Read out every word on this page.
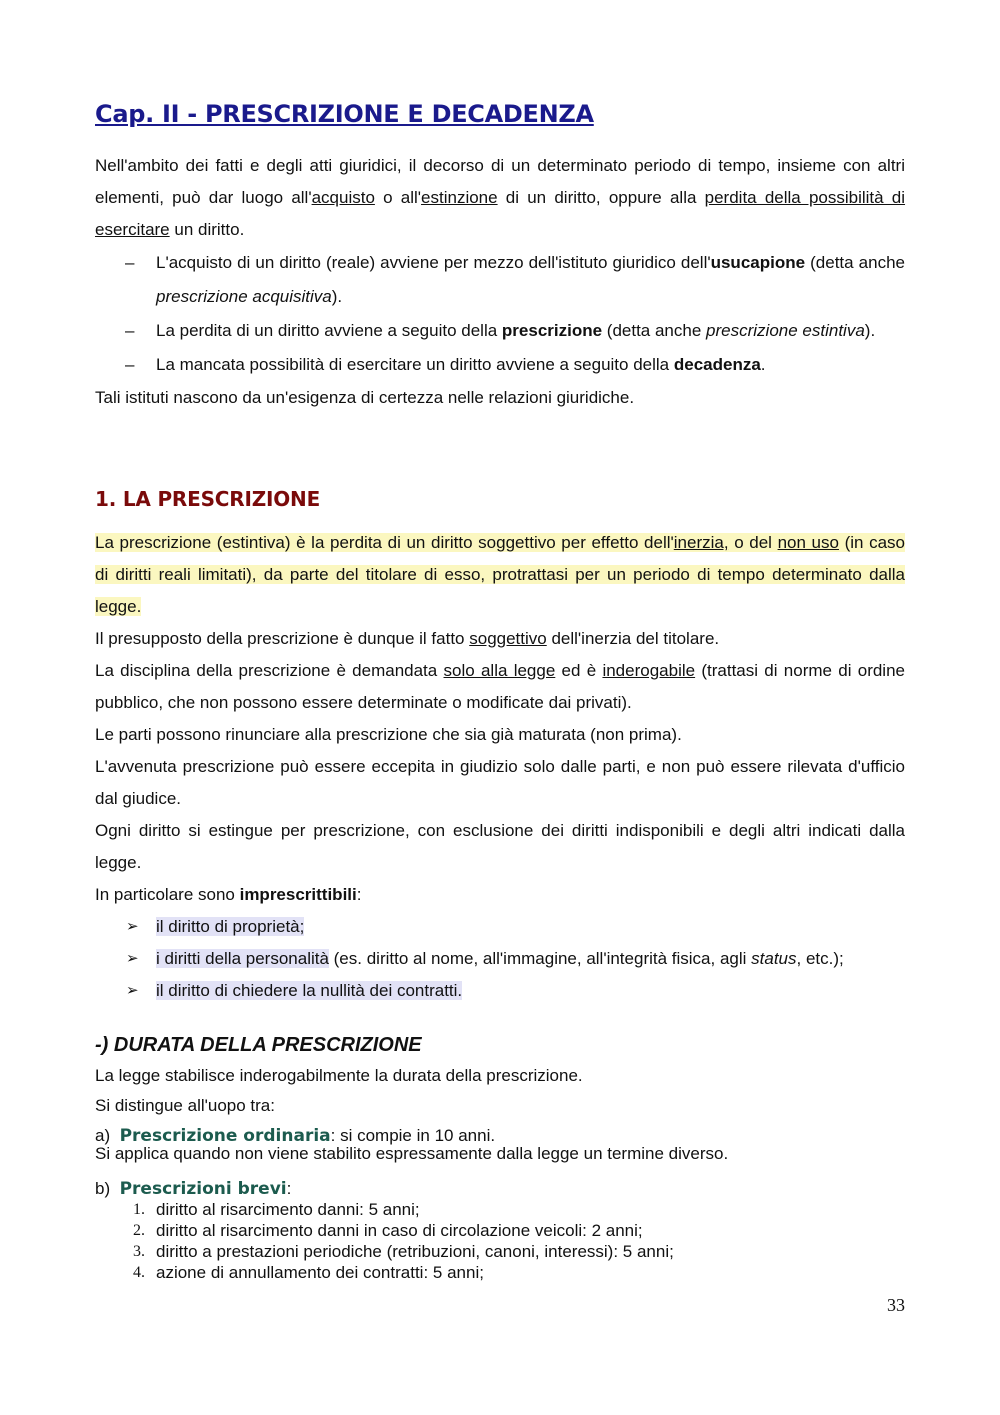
Cap. II - PRESCRIZIONE E DECADENZA

Nell'ambito dei fatti e degli atti giuridici, il decorso di un determinato periodo di tempo, insieme con altri elementi, può dar luogo all'acquisto o all'estinzione di un diritto, oppure alla perdita della possibilità di esercitare un diritto.

– L'acquisto di un diritto (reale) avviene per mezzo dell'istituto giuridico dell'usucapione (detta anche prescrizione acquisitiva).
– La perdita di un diritto avviene a seguito della prescrizione (detta anche prescrizione estintiva).
– La mancata possibilità di esercitare un diritto avviene a seguito della decadenza.

Tali istituti nascono da un'esigenza di certezza nelle relazioni giuridiche.

1. LA PRESCRIZIONE

La prescrizione (estintiva) è la perdita di un diritto soggettivo per effetto dell'inerzia, o del non uso (in caso di diritti reali limitati), da parte del titolare di esso, protrattasi per un periodo di tempo determinato dalla legge.

Il presupposto della prescrizione è dunque il fatto soggettivo dell'inerzia del titolare.

La disciplina della prescrizione è demandata solo alla legge ed è inderogabile (trattasi di norme di ordine pubblico, che non possono essere determinate o modificate dai privati).

Le parti possono rinunciare alla prescrizione che sia già maturata (non prima).

L'avvenuta prescrizione può essere eccepita in giudizio solo dalle parti, e non può essere rilevata d'ufficio dal giudice.

Ogni diritto si estingue per prescrizione, con esclusione dei diritti indisponibili e degli altri indicati dalla legge.

In particolare sono imprescrittibili:

➢ il diritto di proprietà;
➢ i diritti della personalità (es. diritto al nome, all'immagine, all'integrità fisica, agli status, etc.);
➢ il diritto di chiedere la nullità dei contratti.
-) DURATA DELLA PRESCRIZIONE

La legge stabilisce inderogabilmente la durata della prescrizione.

Si distingue all'uopo tra:

a) Prescrizione ordinaria: si compie in 10 anni.
Si applica quando non viene stabilito espressamente dalla legge un termine diverso.
b) Prescrizioni brevi:
1. diritto al risarcimento danni: 5 anni;
2. diritto al risarcimento danni in caso di circolazione veicoli: 2 anni;
3. diritto a prestazioni periodiche (retribuzioni, canoni, interessi): 5 anni;
4. azione di annullamento dei contratti: 5 anni;
33
